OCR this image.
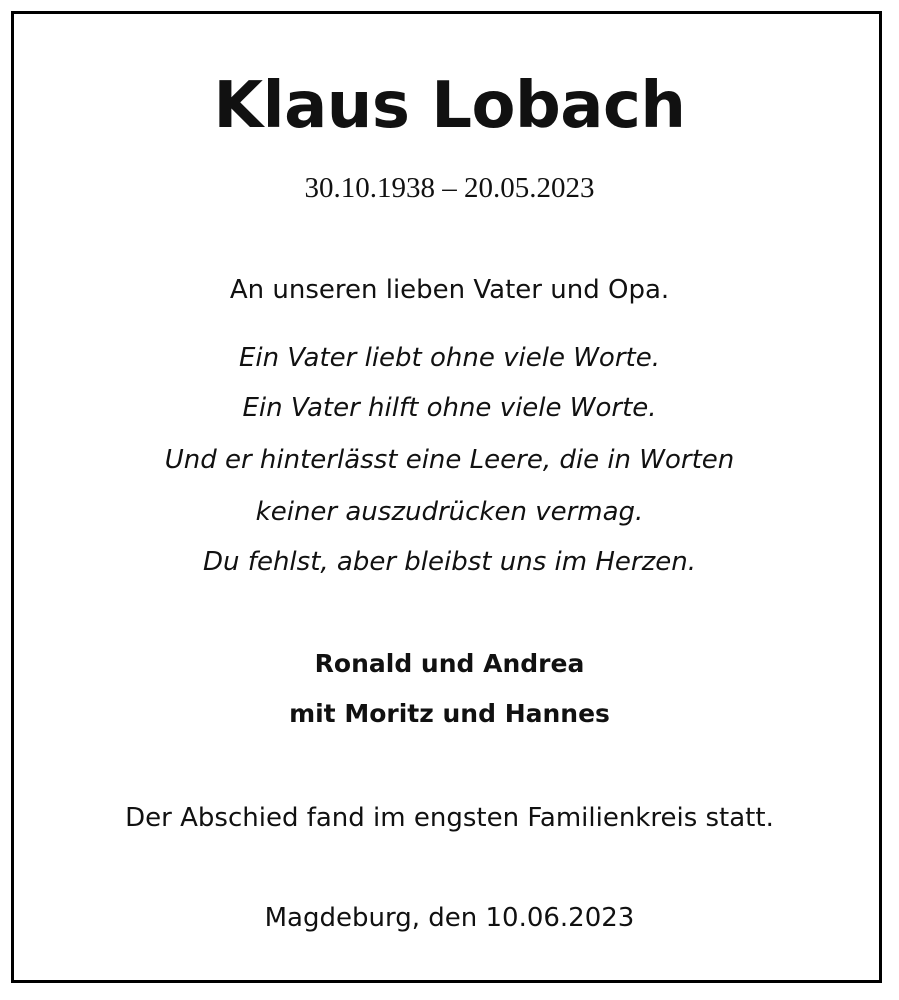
Klaus Lobach

30.10.1938 – 20.05.2023

An unseren lieben Vater und Opa.

Ein Vater liebt ohne viele Worte.

Ein Vater hilft ohne viele Worte.

Und er hinterlässt eine Leere, die in Worten

keiner auszudrücken vermag.

Du fehlst, aber bleibst uns im Herzen.

Ronald und Andrea

mit Moritz und Hannes

Der Abschied fand im engsten Familienkreis statt.

Magdeburg, den 10.06.2023
